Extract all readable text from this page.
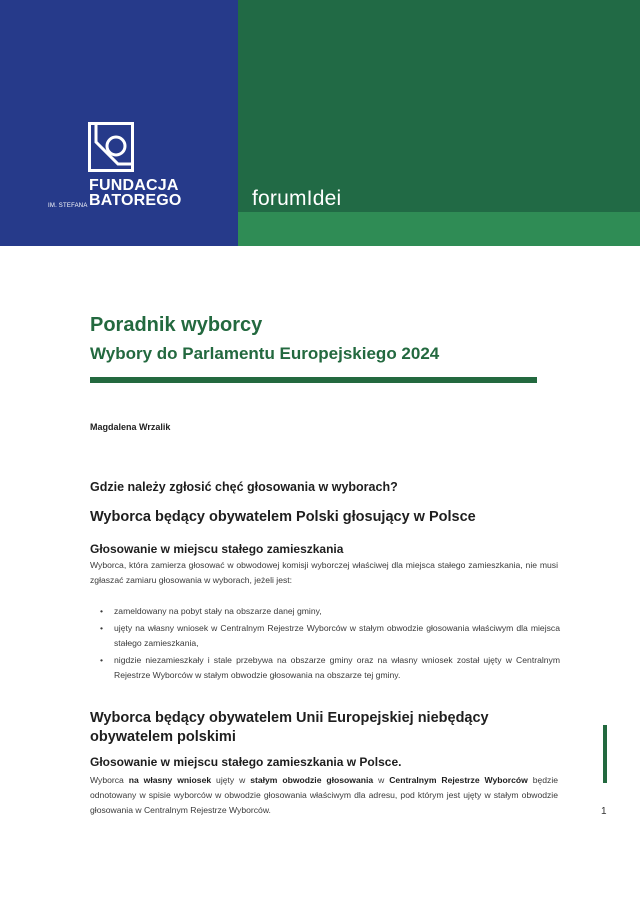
FUNDACJA
BATOREGO
IM. STEFANA	forumIdei
Poradnik wyborcy
Wybory do Parlamentu Europejskiego 2024
Magdalena Wrzalik
Gdzie należy zgłosić chęć głosowania w wyborach?
Wyborca będący obywatelem Polski głosujący w Polsce
Głosowanie w miejscu stałego zamieszkania
Wyborca, która zamierza głosować w obwodowej komisji wyborczej właściwej dla miejsca stałego zamieszkania, nie musi zgłaszać zamiaru głosowania w wyborach, jeżeli jest:
• zameldowany na pobyt stały na obszarze danej gminy,
• ujęty na własny wniosek w Centralnym Rejestrze Wyborców w stałym obwodzie głosowania właściwym dla miejsca stałego zamieszkania,
• nigdzie niezamieszkały i stale przebywa na obszarze gminy oraz na własny wniosek został ujęty w Centralnym Rejestrze Wyborców w stałym obwodzie głosowania na obszarze tej gminy.
Wyborca będący obywatelem Unii Europejskiej niebędący obywatelem polskimi
Głosowanie w miejscu stałego zamieszkania w Polsce.
Wyborca na własny wniosek ujęty w stałym obwodzie głosowania w Centralnym Rejestrze Wyborców będzie odnotowany w spisie wyborców w obwodzie głosowania właściwym dla adresu, pod którym jest ujęty w stałym obwodzie głosowania w Centralnym Rejestrze Wyborców.	1
